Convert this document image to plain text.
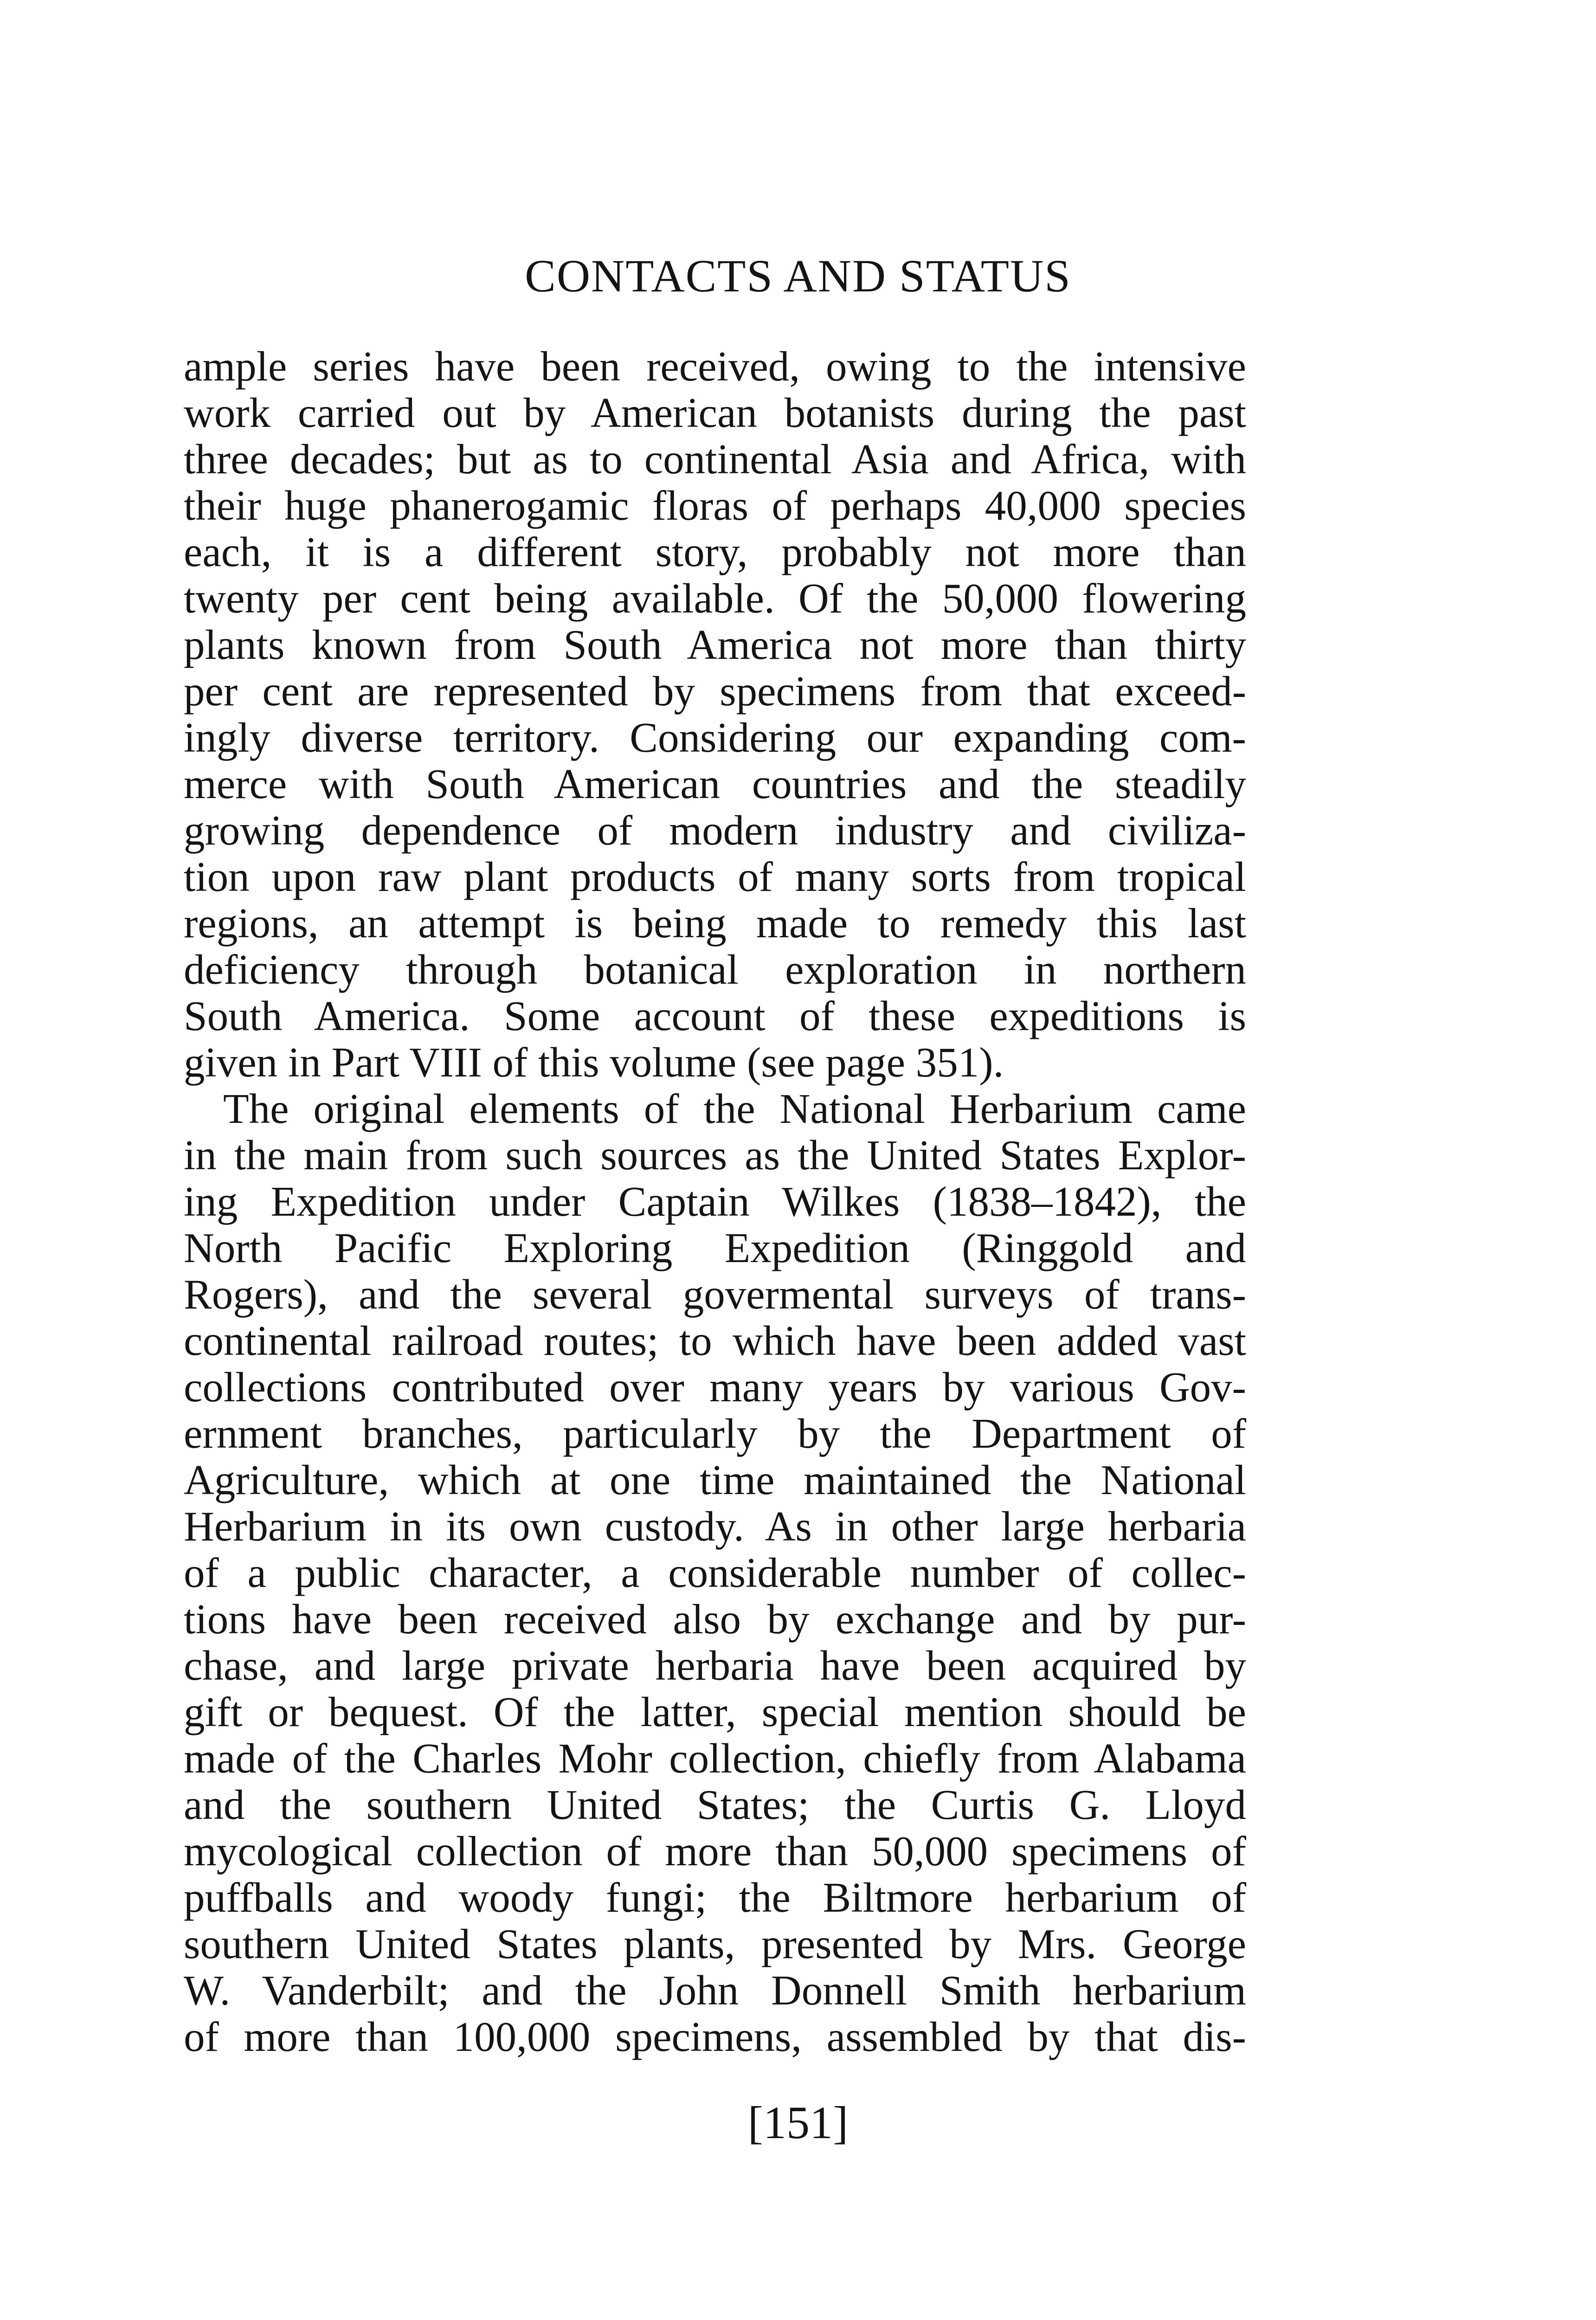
CONTACTS AND STATUS
ample series have been received, owing to the intensive
work carried out by American botanists during the past
three decades; but as to continental Asia and Africa, with
their huge phanerogamic floras of perhaps 40,000 species
each, it is a different story, probably not more than
twenty per cent being available. Of the 50,000 flowering
plants known from South America not more than thirty
per cent are represented by specimens from that exceed-
ingly diverse territory. Considering our expanding com-
merce with South American countries and the steadily
growing dependence of modern industry and civiliza-
tion upon raw plant products of many sorts from tropical
regions, an attempt is being made to remedy this last
deficiency through botanical exploration in northern
South America. Some account of these expeditions is
given in Part VIII of this volume (see page 351).
The original elements of the National Herbarium came
in the main from such sources as the United States Explor-
ing Expedition under Captain Wilkes (1838–1842), the
North Pacific Exploring Expedition (Ringgold and
Rogers), and the several govermental surveys of trans-
continental railroad routes; to which have been added vast
collections contributed over many years by various Gov-
ernment branches, particularly by the Department of
Agriculture, which at one time maintained the National
Herbarium in its own custody. As in other large herbaria
of a public character, a considerable number of collec-
tions have been received also by exchange and by pur-
chase, and large private herbaria have been acquired by
gift or bequest. Of the latter, special mention should be
made of the Charles Mohr collection, chiefly from Alabama
and the southern United States; the Curtis G. Lloyd
mycological collection of more than 50,000 specimens of
puffballs and woody fungi; the Biltmore herbarium of
southern United States plants, presented by Mrs. George
W. Vanderbilt; and the John Donnell Smith herbarium
of more than 100,000 specimens, assembled by that dis-
[151]
